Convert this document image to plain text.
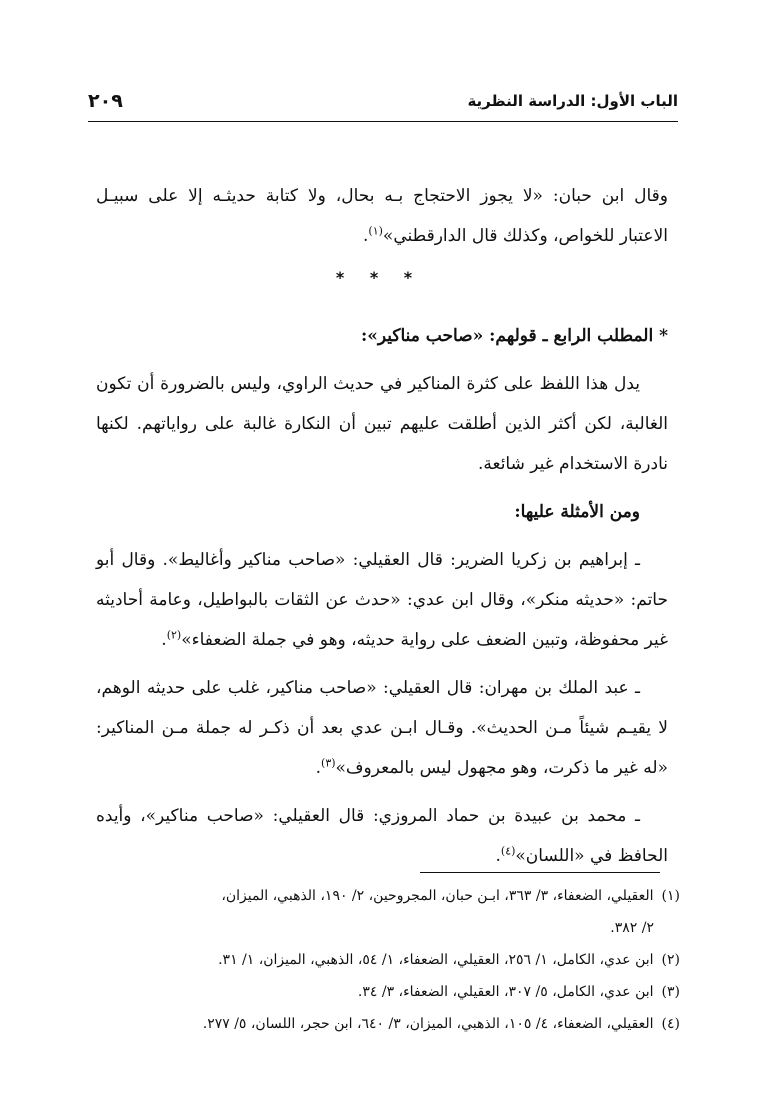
الباب الأول: الدراسة النظرية
٢٠٩
وقال ابن حبان: «لا يجوز الاحتجاج بـه بحال، ولا كتابة حديثـه إلا على سبيـل
الاعتبار للخواص، وكذلك قال الدارقطني»$^{(١)}$.
* * *

* المطلب الرابع ـ قولهم: «صاحب مناكير»:

يدل هذا اللفظ على كثرة المناكير في حديث الراوي، وليس بالضرورة أن تكون الغالبة، لكن أكثر الذين أطلقت عليهم تبين أن النكارة غالبة على رواياتهم. لكنها نادرة الاستخدام غير شائعة.

ومن الأمثلة عليها:

ـ إبراهيم بن زكريا الضرير: قال العقيلي: «صاحب مناكير وأغاليط». وقال أبو حاتم: «حديثه منكر»، وقال ابن عدي: «حدث عن الثقات بالبواطيل، وعامة أحاديثه غير محفوظة، وتبين الضعف على رواية حديثه، وهو في جملة الضعفاء»$^{(٢)}$.

ـ عبد الملك بن مهران: قال العقيلي: «صاحب مناكير، غلب على حديثه الوهم، لا يقيـم شيئاً مـن الحديث». وقـال ابـن عدي بعد أن ذكـر له جملة مـن المناكير: «له غير ما ذكرت، وهو مجهول ليس بالمعروف»$^{(٣)}$.

ـ محمد بن عبيدة بن حماد المروزي: قال العقيلي: «صاحب مناكير»، وأيده الحافظ في «اللسان»$^{(٤)}$.

(١)العقيلي، الضعفاء، ٣/ ٣٦٣، ابـن حبان، المجروحين، ٢/ ١٩٠، الذهبي، الميزان،
٢/ ٣٨٢.
(٢)ابن عدي، الكامل، ١/ ٢٥٦، العقيلي، الضعفاء، ١/ ٥٤، الذهبي، الميزان، ١/ ٣١.
(٣)ابن عدي، الكامل، ٥/ ٣٠٧، العقيلي، الضعفاء، ٣/ ٣٤.
(٤)العقيلي، الضعفاء، ٤/ ١٠٥، الذهبي، الميزان، ٣/ ٦٤٠، ابن حجر، اللسان، ٥/ ٢٧٧.
